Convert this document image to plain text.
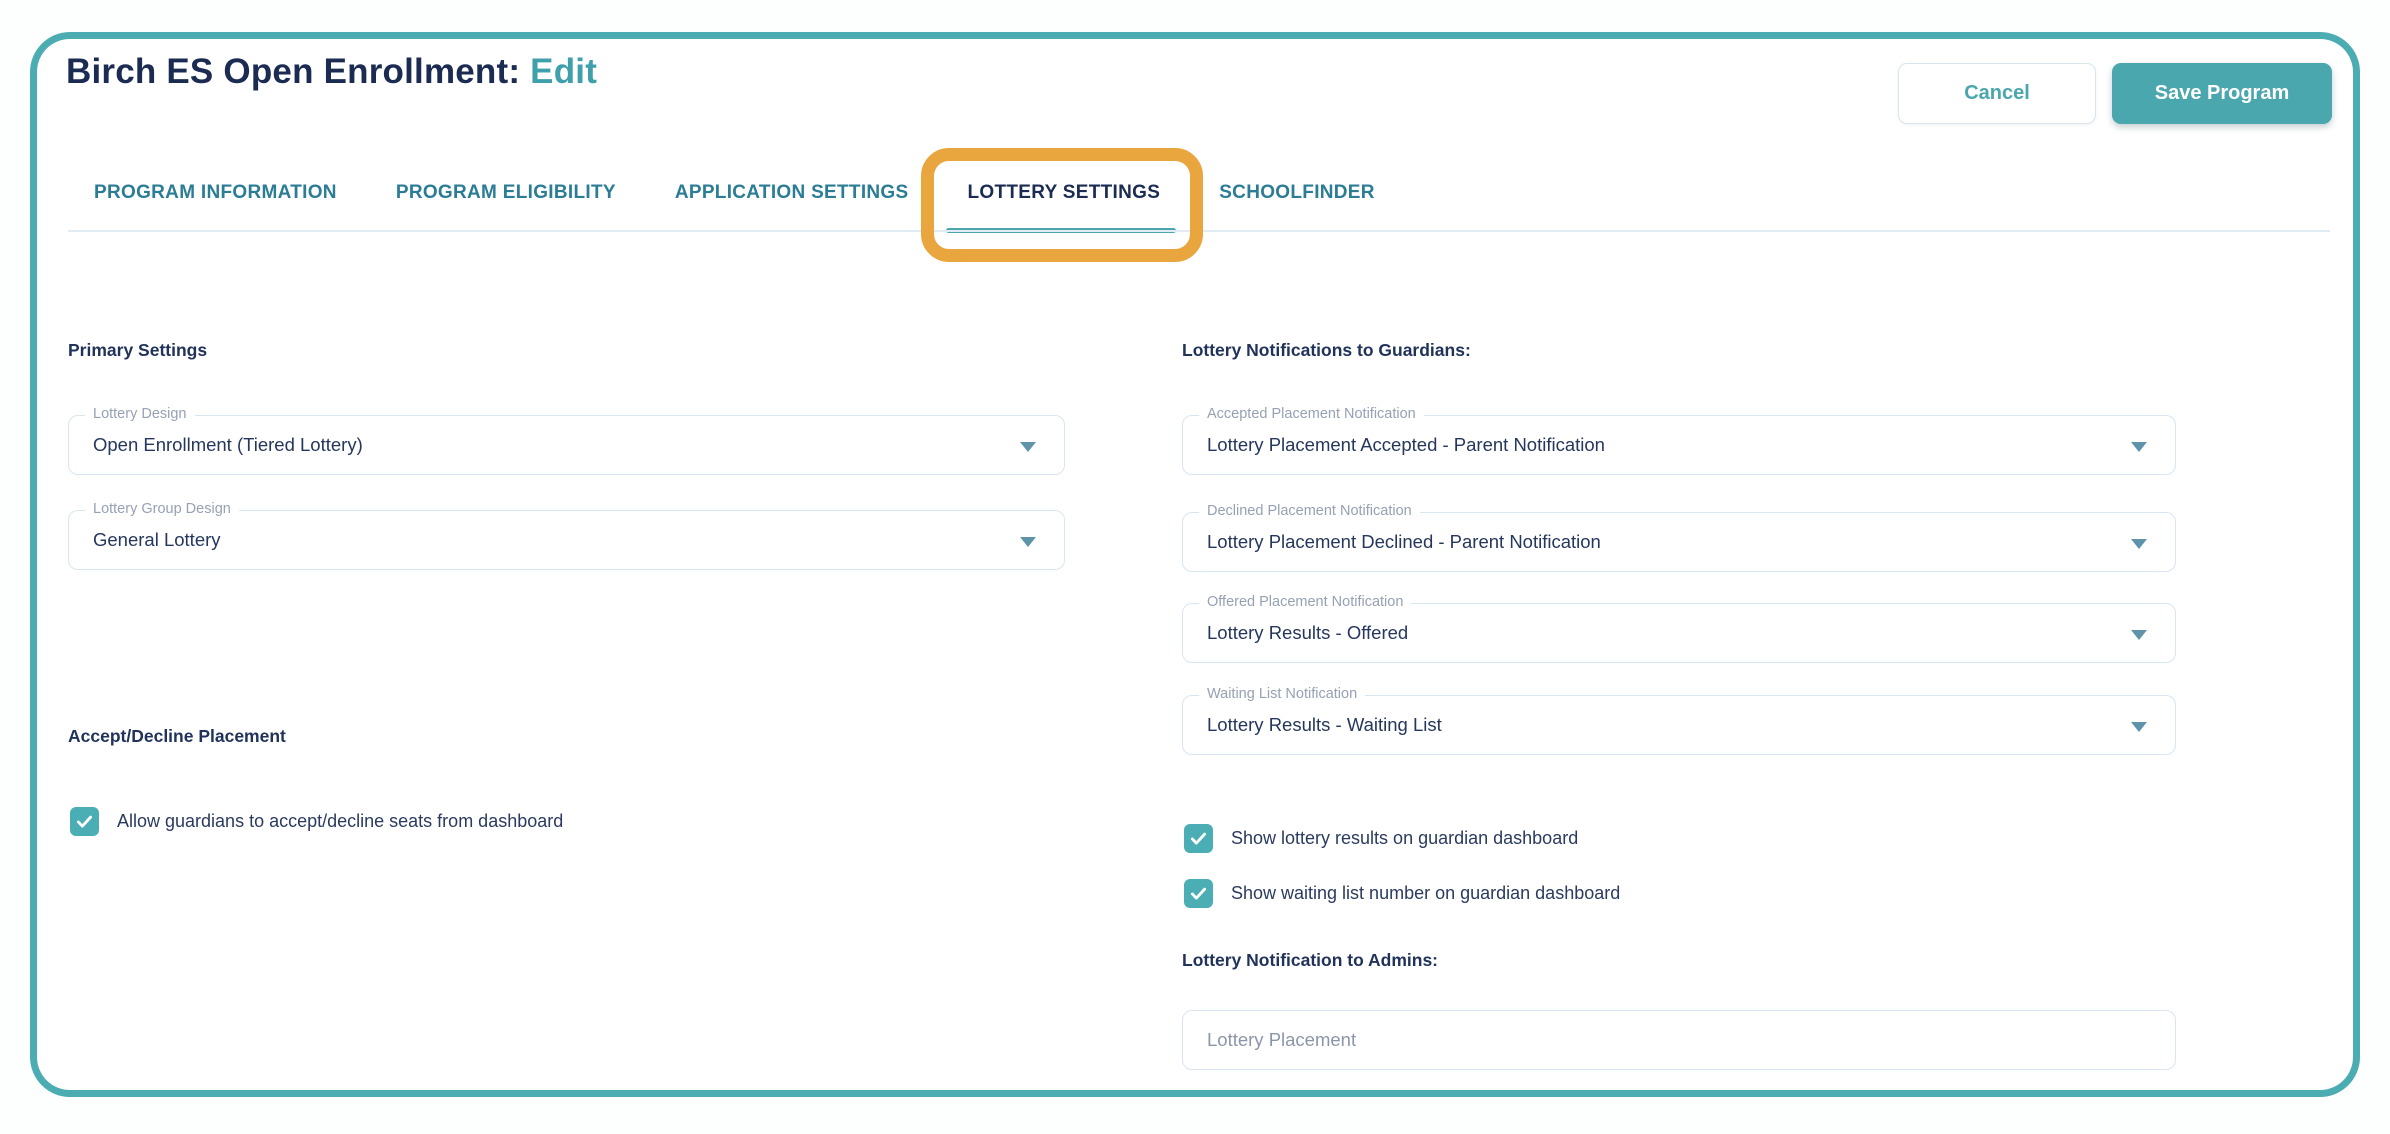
Birch ES Open Enrollment: Edit
Cancel	Save Program
PROGRAM INFORMATION	PROGRAM ELIGIBILITY	APPLICATION SETTINGS	LOTTERY SETTINGS	SCHOOLFINDER
Primary Settings
Lottery Design
Open Enrollment (Tiered Lottery)
Lottery Group Design
General Lottery
Accept/Decline Placement
Allow guardians to accept/decline seats from dashboard
Lottery Notifications to Guardians:
Accepted Placement Notification
Lottery Placement Accepted - Parent Notification
Declined Placement Notification
Lottery Placement Declined - Parent Notification
Offered Placement Notification
Lottery Results - Offered
Waiting List Notification
Lottery Results - Waiting List
Show lottery results on guardian dashboard
Show waiting list number on guardian dashboard
Lottery Notification to Admins:
Lottery Placement
